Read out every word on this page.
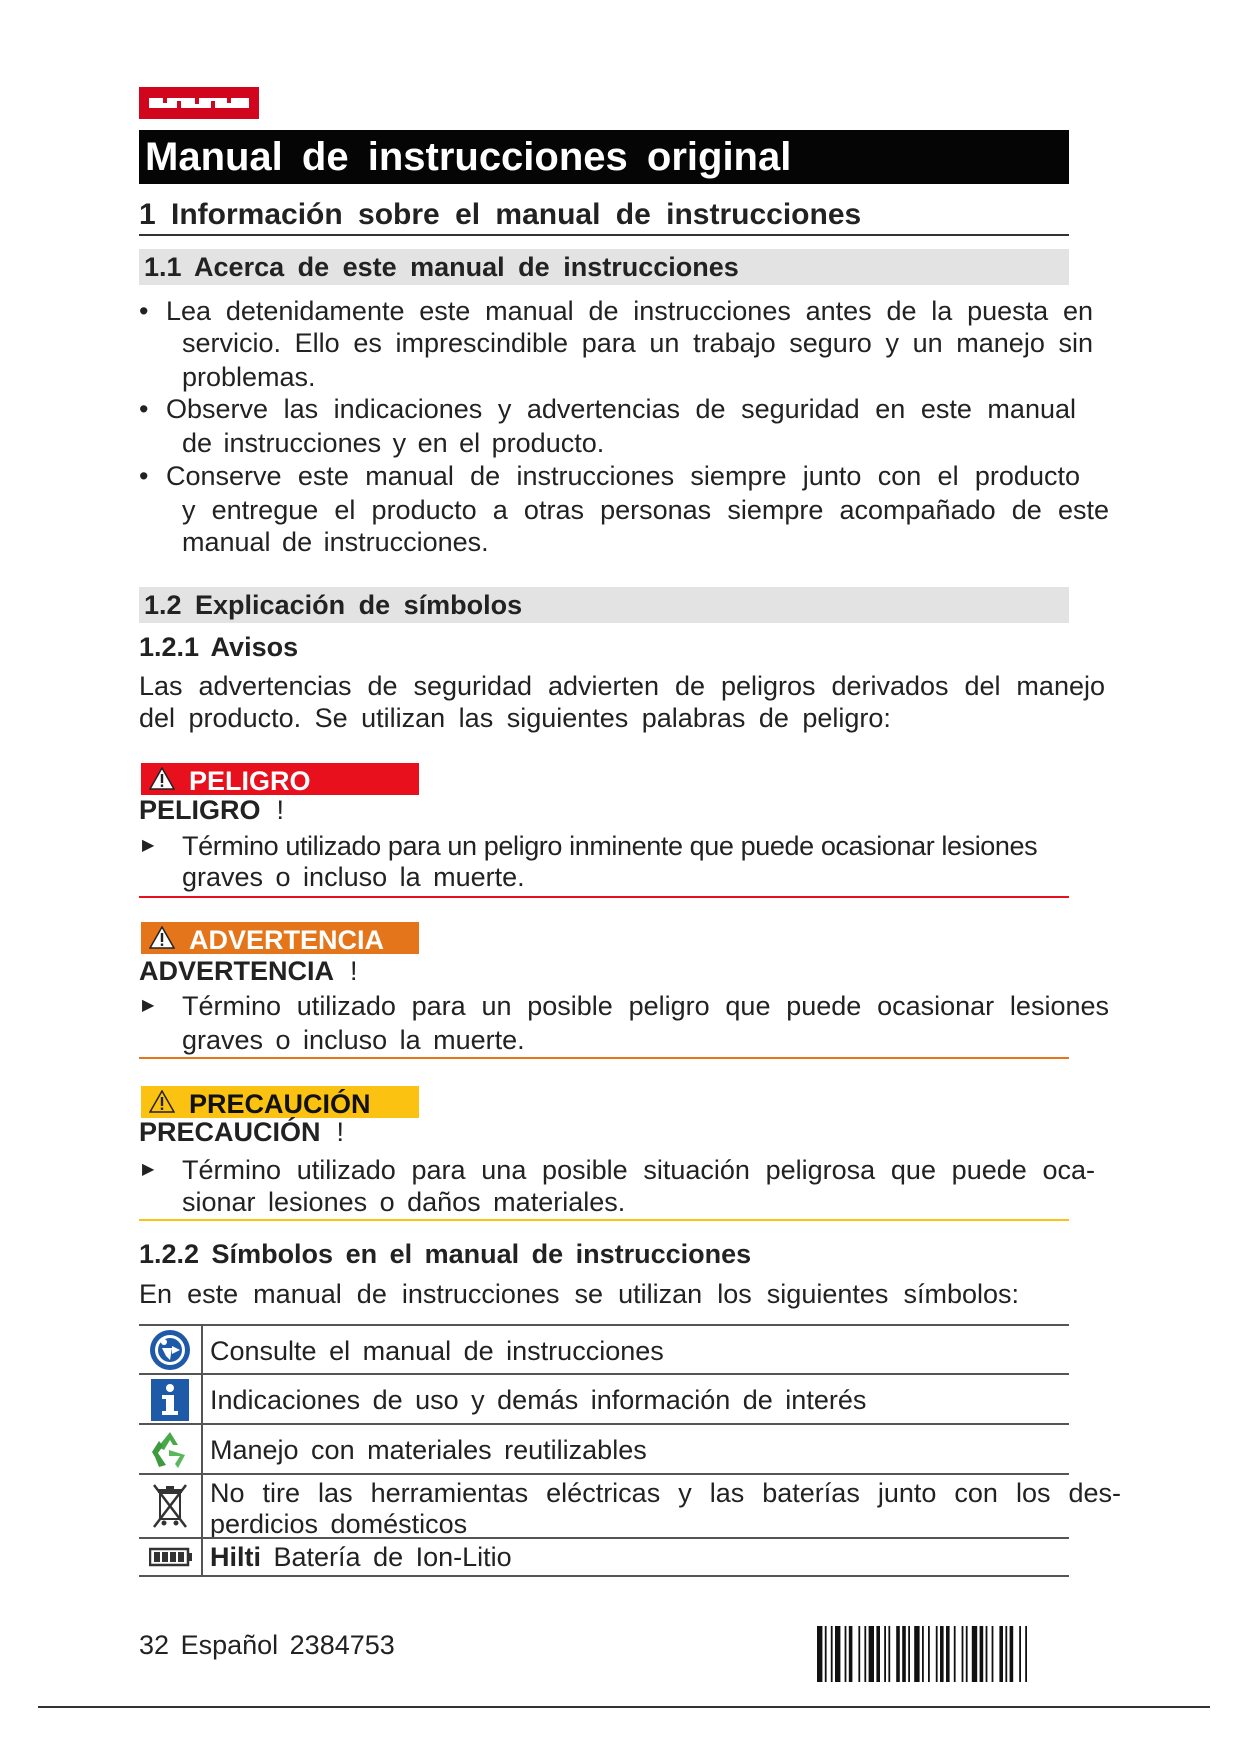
Manual de instrucciones original
1 Información sobre el manual de instrucciones
1.1 Acerca de este manual de instrucciones
• Lea detenidamente este manual de instrucciones antes de la puesta en
servicio. Ello es imprescindible para un trabajo seguro y un manejo sin
problemas.
• Observe las indicaciones y advertencias de seguridad en este manual
de instrucciones y en el producto.
• Conserve este manual de instrucciones siempre junto con el producto
y entregue el producto a otras personas siempre acompañado de este
manual de instrucciones.
1.2 Explicación de símbolos
1.2.1 Avisos
Las advertencias de seguridad advierten de peligros derivados del manejo
del producto. Se utilizan las siguientes palabras de peligro:
PELIGRO
PELIGRO !
▶ Término utilizado para un peligro inminente que puede ocasionar lesiones
graves o incluso la muerte.
ADVERTENCIA
ADVERTENCIA !
▶ Término utilizado para un posible peligro que puede ocasionar lesiones
graves o incluso la muerte.
PRECAUCIÓN
PRECAUCIÓN !
▶ Término utilizado para una posible situación peligrosa que puede oca-
sionar lesiones o daños materiales.
1.2.2 Símbolos en el manual de instrucciones
En este manual de instrucciones se utilizan los siguientes símbolos:
Consulte el manual de instrucciones
Indicaciones de uso y demás información de interés
Manejo con materiales reutilizables
No tire las herramientas eléctricas y las baterías junto con los des-
perdicios domésticos
Hilti Batería de Ion-Litio
32 Español 2384753
